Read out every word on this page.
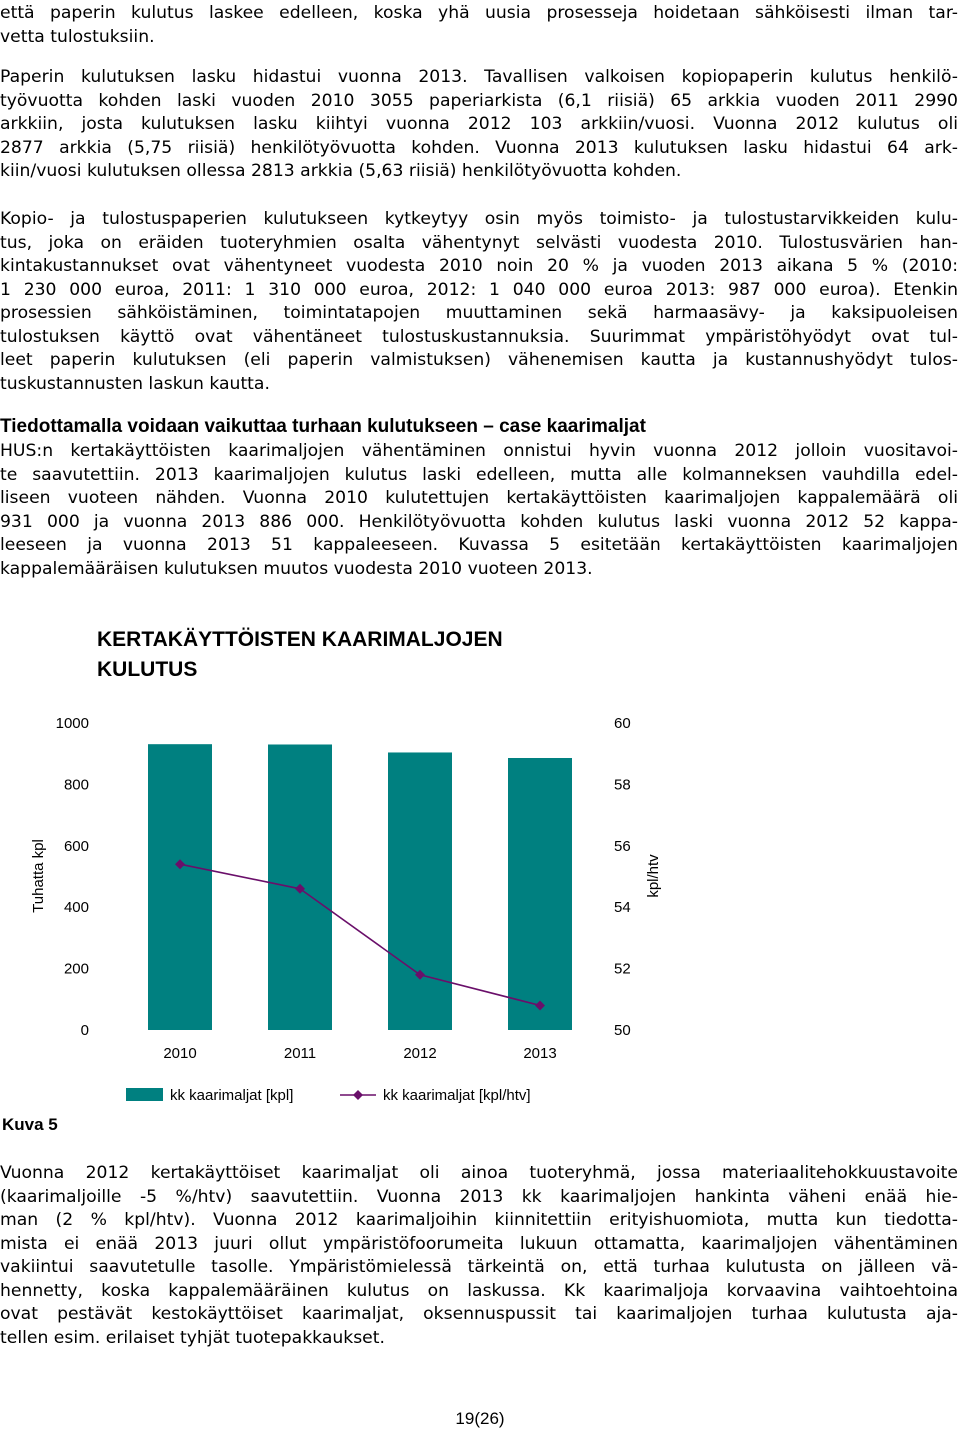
että paperin kulutus laskee edelleen, koska yhä uusia prosesseja hoidetaan sähköisesti ilman tar-
vetta tulostuksiin.
Paperin kulutuksen lasku hidastui vuonna 2013. Tavallisen valkoisen kopiopaperin kulutus henkilö-
työvuotta kohden laski vuoden 2010 3055 paperiarkista (6,1 riisiä) 65 arkkia vuoden 2011 2990
arkkiin, josta kulutuksen lasku kiihtyi vuonna 2012 103 arkkiin/vuosi. Vuonna 2012 kulutus oli
2877 arkkia (5,75 riisiä) henkilötyövuotta kohden. Vuonna 2013 kulutuksen lasku hidastui 64 ark-
kiin/vuosi kulutuksen ollessa 2813 arkkia (5,63 riisiä) henkilötyövuotta kohden.
Kopio- ja tulostuspaperien kulutukseen kytkeytyy osin myös toimisto- ja tulostustarvikkeiden kulu-
tus, joka on eräiden tuoteryhmien osalta vähentynyt selvästi vuodesta 2010. Tulostusvärien han-
kintakustannukset ovat vähentyneet vuodesta 2010 noin 20 % ja vuoden 2013 aikana 5 % (2010:
1 230 000 euroa, 2011: 1 310 000 euroa, 2012: 1 040 000 euroa 2013: 987 000 euroa). Etenkin
prosessien sähköistäminen, toimintatapojen muuttaminen sekä harmaasävy- ja kaksipuoleisen
tulostuksen käyttö ovat vähentäneet tulostuskustannuksia. Suurimmat ympäristöhyödyt ovat tul-
leet paperin kulutuksen (eli paperin valmistuksen) vähenemisen kautta ja kustannushyödyt tulos-
tuskustannusten laskun kautta.
Tiedottamalla voidaan vaikuttaa turhaan kulutukseen – case kaarimaljat
HUS:n kertakäyttöisten kaarimaljojen vähentäminen onnistui hyvin vuonna 2012 jolloin vuositavoi-
te saavutettiin. 2013 kaarimaljojen kulutus laski edelleen, mutta alle kolmanneksen vauhdilla edel-
liseen vuoteen nähden. Vuonna 2010 kulutettujen kertakäyttöisten kaarimaljojen kappalemäärä oli
931 000 ja vuonna 2013 886 000. Henkilötyövuotta kohden kulutus laski vuonna 2012 52 kappa-
leeseen ja vuonna 2013 51 kappaleeseen. Kuvassa 5 esitetään kertakäyttöisten kaarimaljojen
kappalemääräisen kulutuksen muutos vuodesta 2010 vuoteen 2013.
KERTAKÄYTTÖISTEN KAARIMALJOJEN
KULUTUS
0
200
400
600
800
1000
50
52
54
56
58
60
Tuhatta kpl	kpl/htv
2010	2011	2012	2013
kk kaarimaljat [kpl]	kk kaarimaljat [kpl/htv]
Kuva 5
Vuonna 2012 kertakäyttöiset kaarimaljat oli ainoa tuoteryhmä, jossa materiaalitehokkuustavoite
(kaarimaljoille -5 %/htv) saavutettiin. Vuonna 2013 kk kaarimaljojen hankinta väheni enää hie-
man (2 % kpl/htv). Vuonna 2012 kaarimaljoihin kiinnitettiin erityishuomiota, mutta kun tiedotta-
mista ei enää 2013 juuri ollut ympäristöfoorumeita lukuun ottamatta, kaarimaljojen vähentäminen
vakiintui saavutetulle tasolle. Ympäristömielessä tärkeintä on, että turhaa kulutusta on jälleen vä-
hennetty, koska kappalemääräinen kulutus on laskussa. Kk kaarimaljoja korvaavina vaihtoehtoina
ovat pestävät kestokäyttöiset kaarimaljat, oksennuspussit tai kaarimaljojen turhaa kulutusta aja-
tellen esim. erilaiset tyhjät tuotepakkaukset.
19(26)
